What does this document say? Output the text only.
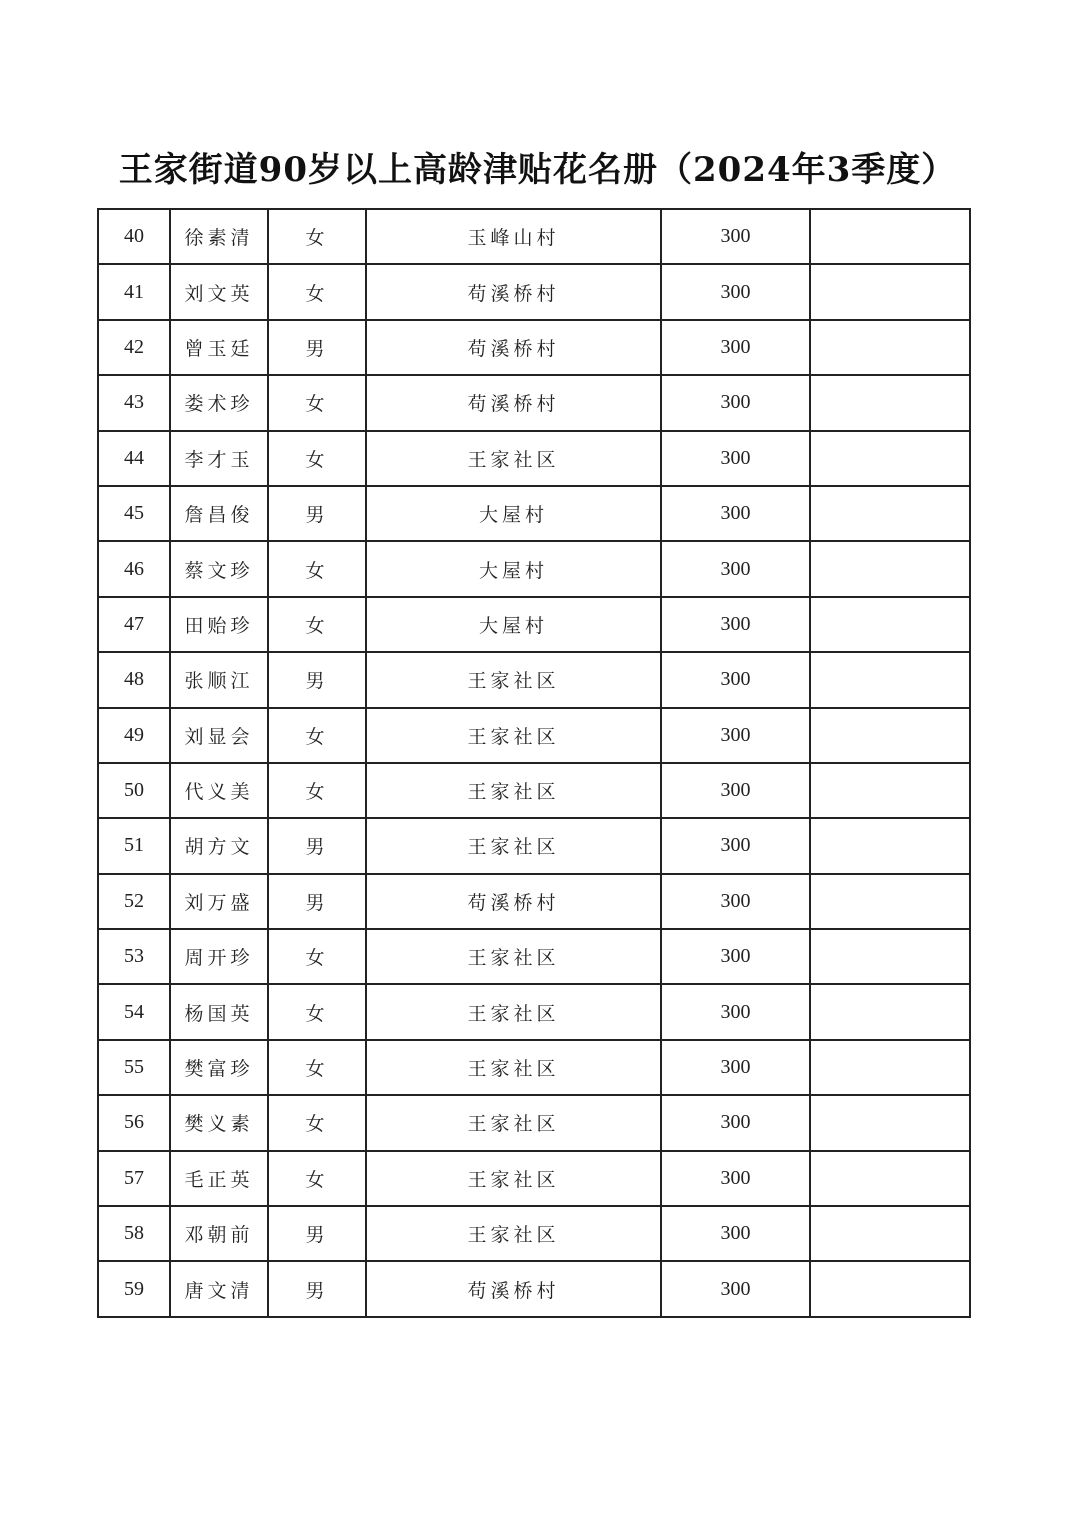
王家街道90岁以上高龄津贴花名册（2024年3季度）
40	徐素清	女	玉峰山村	300	
41	刘文英	女	苟溪桥村	300	
42	曾玉廷	男	苟溪桥村	300	
43	娄术珍	女	苟溪桥村	300	
44	李才玉	女	王家社区	300	
45	詹昌俊	男	大屋村	300	
46	蔡文珍	女	大屋村	300	
47	田贻珍	女	大屋村	300	
48	张顺江	男	王家社区	300	
49	刘显会	女	王家社区	300	
50	代义美	女	王家社区	300	
51	胡方文	男	王家社区	300	
52	刘万盛	男	苟溪桥村	300	
53	周开珍	女	王家社区	300	
54	杨国英	女	王家社区	300	
55	樊富珍	女	王家社区	300	
56	樊义素	女	王家社区	300	
57	毛正英	女	王家社区	300	
58	邓朝前	男	王家社区	300	
59	唐文清	男	苟溪桥村	300	
